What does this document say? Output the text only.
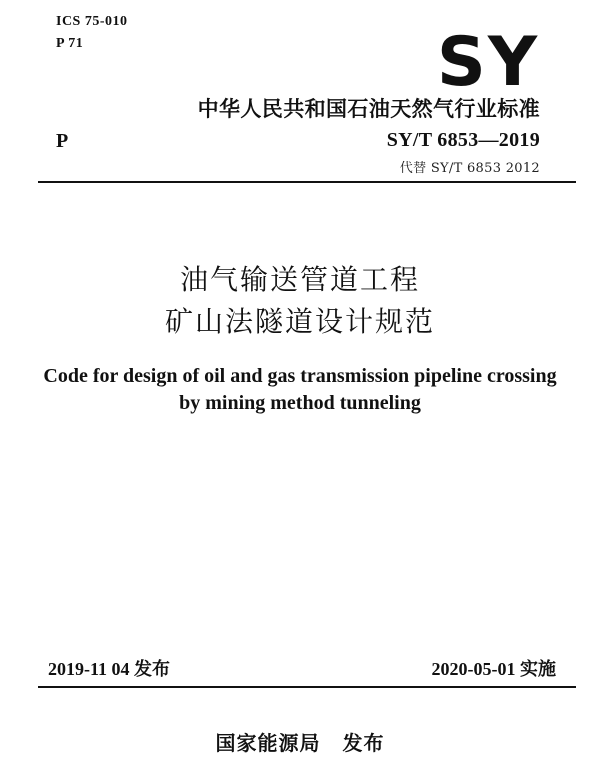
ICS 75-010
P 71	SY
中华人民共和国石油天然气行业标准
P	SY/T 6853—2019
代替 SY/T 6853 2012
油气输送管道工程
矿山法隧道设计规范
Code for design of oil and gas transmission pipeline crossing
by mining method tunneling
2019-11 04 发布	2020-05-01 实施
国家能源局 发布
